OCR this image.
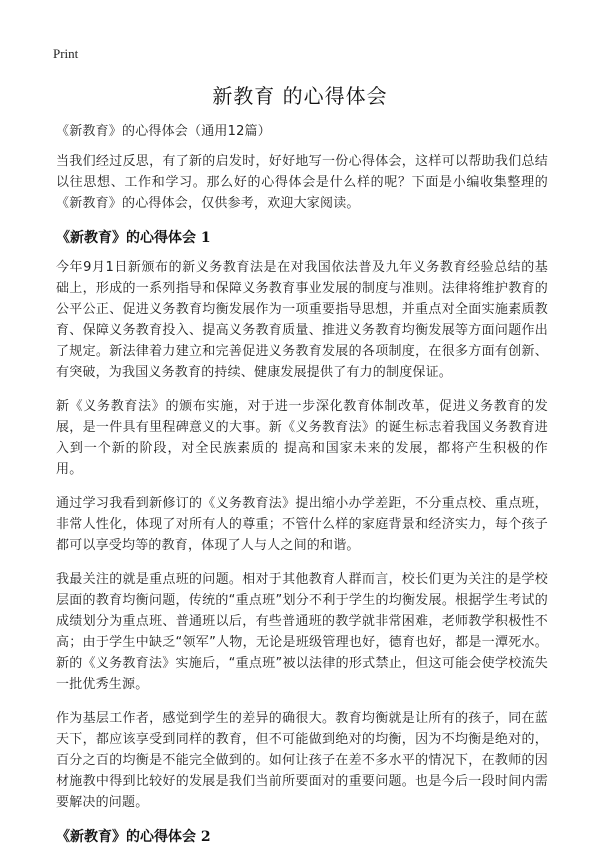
Print
新教育 的心得体会

《新教育》的心得体会（通用12篇）

当我们经过反思，有了新的启发时，好好地写一份心得体会，这样可以帮助我们总结以往思想、工作和学习。那么好的心得体会是什么样的呢？下面是小编收集整理的《新教育》的心得体会，仅供参考，欢迎大家阅读。

《新教育》的心得体会 1

今年9月1日新颁布的新义务教育法是在对我国依法普及九年义务教育经验总结的基础上，形成的一系列指导和保障义务教育事业发展的制度与准则。法律将维护教育的公平公正、促进义务教育均衡发展作为一项重要指导思想，并重点对全面实施素质教育、保障义务教育投入、提高义务教育质量、推进义务教育均衡发展等方面问题作出了规定。新法律着力建立和完善促进义务教育发展的各项制度，在很多方面有创新、有突破，为我国义务教育的持续、健康发展提供了有力的制度保证。

新《义务教育法》的颁布实施，对于进一步深化教育体制改革，促进义务教育的发展，是一件具有里程碑意义的大事。新《义务教育法》的诞生标志着我国义务教育进入到一个新的阶段，对全民族素质的 提高和国家未来的发展，都将产生积极的作用。

通过学习我看到新修订的《义务教育法》提出缩小办学差距，不分重点校、重点班，非常人性化，体现了对所有人的尊重；不管什么样的家庭背景和经济实力，每个孩子都可以享受均等的教育，体现了人与人之间的和谐。

我最关注的就是重点班的问题。相对于其他教育人群而言，校长们更为关注的是学校层面的教育均衡问题，传统的“重点班”划分不利于学生的均衡发展。根据学生考试的成绩划分为重点班、普通班以后，有些普通班的教学就非常困难，老师教学积极性不高；由于学生中缺乏“领军”人物，无论是班级管理也好，德育也好，都是一潭死水。新的《义务教育法》实施后，“重点班”被以法律的形式禁止，但这可能会使学校流失一批优秀生源。

作为基层工作者，感觉到学生的差异的确很大。教育均衡就是让所有的孩子，同在蓝天下，都应该享受到同样的教育，但不可能做到绝对的均衡，因为不均衡是绝对的，百分之百的均衡是不能完全做到的。如何让孩子在差不多水平的情况下，在教师的因材施教中得到比较好的发展是我们当前所要面对的重要问题。也是今后一段时间内需要解决的问题。

《新教育》的心得体会 2
